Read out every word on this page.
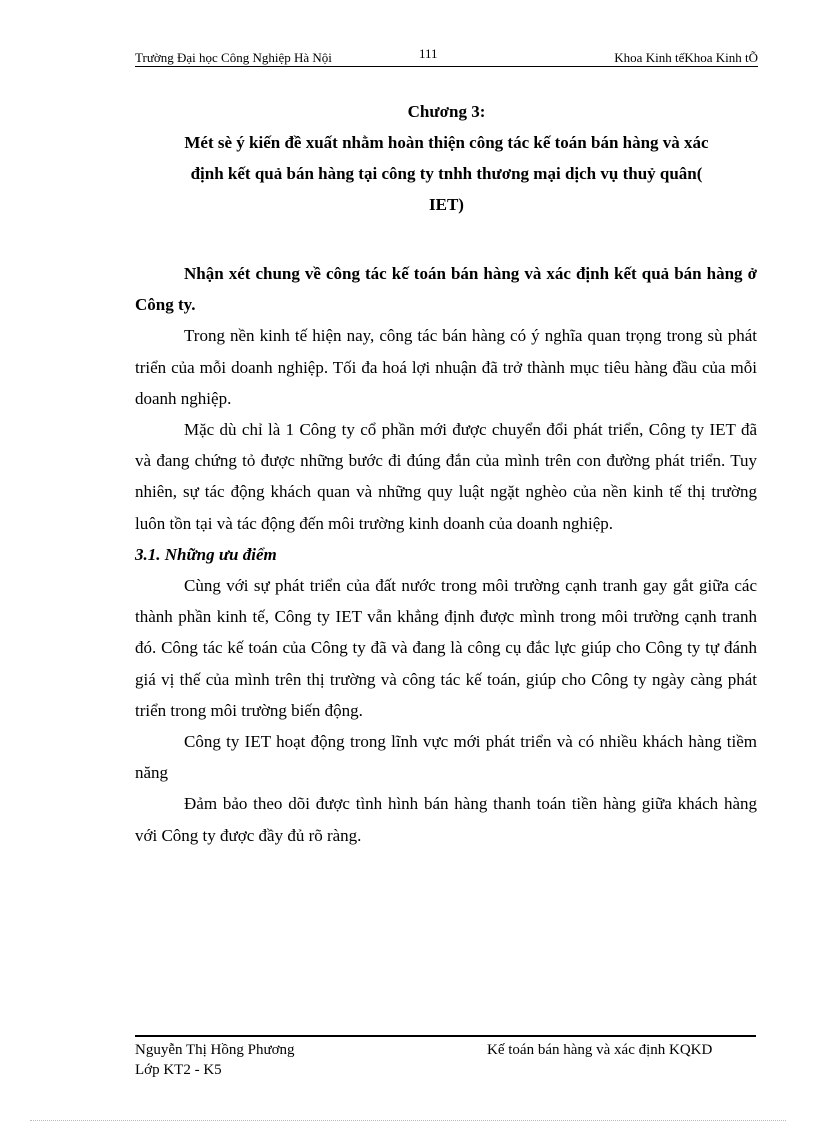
Trường Đại học Công Nghiệp Hà Nội	111	Khoa Kinh tếKhoa Kinh tÕ
Chương 3:
Mét sè ý kiến đề xuất nhằm hoàn thiện công tác kế toán bán hàng và xác
định kết quả bán hàng tại công ty tnhh thương mại dịch vụ thuỷ quân(
IET)

Nhận xét chung về công tác kế toán bán hàng và xác định kết quả bán hàng ở Công ty.

Trong nền kinh tế hiện nay, công tác bán hàng có ý nghĩa quan trọng trong sù phát triển của mỗi doanh nghiệp. Tối đa hoá lợi nhuận đã trở thành mục tiêu hàng đầu của mỗi doanh nghiệp.

Mặc dù chỉ là 1 Công ty cổ phần mới được chuyển đổi phát triển, Công ty IET đã và đang chứng tỏ được những bước đi đúng đắn của mình trên con đường phát triển. Tuy nhiên, sự tác động khách quan và những quy luật ngặt nghèo của nền kinh tế thị trường luôn tồn tại và tác động đến môi trường kinh doanh của doanh nghiệp.

3.1. Những ưu điểm

Cùng với sự phát triển của đất nước trong môi trường cạnh tranh gay gắt giữa các thành phần kinh tế, Công ty IET vẫn khẳng định được mình trong môi trường cạnh tranh đó. Công tác kế toán của Công ty đã và đang là công cụ đắc lực giúp cho Công ty tự đánh giá vị thế của mình trên thị trường và công tác kế toán, giúp cho Công ty ngày càng phát triển trong môi trường biến động.

Công ty IET hoạt động trong lĩnh vực mới phát triển và có nhiều khách hàng tiềm năng

Đảm bảo theo dõi được tình hình bán hàng thanh toán tiền hàng giữa khách hàng với Công ty được đầy đủ rõ ràng.

Nguyễn Thị Hồng Phương
Lớp KT2 - K5
Kế toán bán hàng và xác định KQKD
